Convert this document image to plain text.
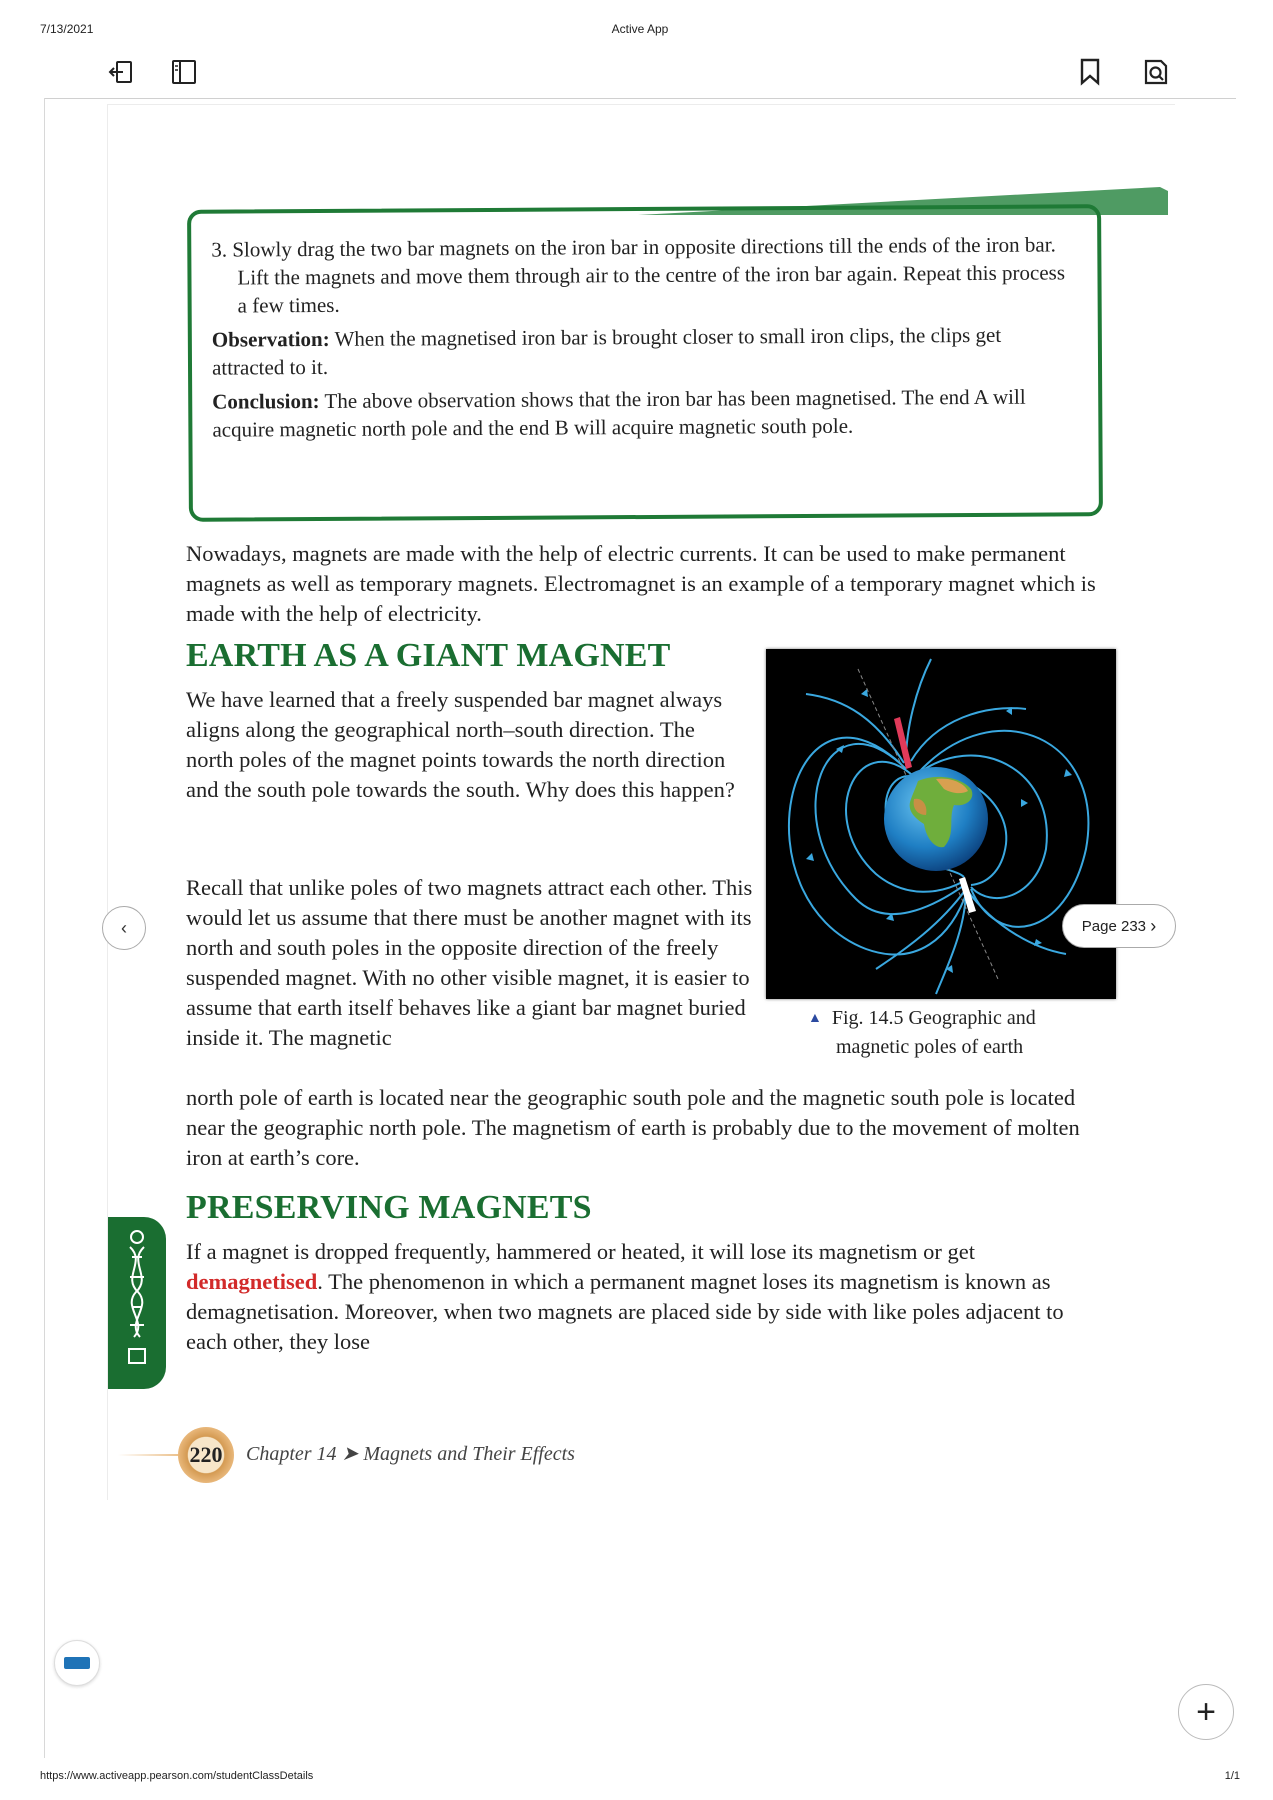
7/13/2021	Active App

3. Slowly drag the two bar magnets on the iron bar in opposite directions till the ends of the iron bar. Lift the magnets and move them through air to the centre of the iron bar again. Repeat this process a few times.

Observation: When the magnetised iron bar is brought closer to small iron clips, the clips get attracted to it.

Conclusion: The above observation shows that the iron bar has been magnetised. The end A will acquire magnetic north pole and the end B will acquire magnetic south pole.

Nowadays, magnets are made with the help of electric currents. It can be used to make permanent magnets as well as temporary magnets. Electromagnet is an example of a temporary magnet which is made with the help of electricity.

EARTH AS A GIANT MAGNET

We have learned that a freely suspended bar magnet always aligns along the geographical north–south direction. The north poles of the magnet points towards the north direction and the south pole towards the south. Why does this happen?

Recall that unlike poles of two magnets attract each other. This would let us assume that there must be another magnet with its north and south poles in the opposite direction of the freely suspended magnet. With no other visible magnet, it is easier to assume that earth itself behaves like a giant bar magnet buried inside it. The magnetic

north pole of earth is located near the geographic south pole and the magnetic south pole is located near the geographic north pole. The magnetism of earth is probably due to the movement of molten iron at earth’s core.

▲ Fig. 14.5 Geographic and
magnetic poles of earth
PRESERVING MAGNETS

If a magnet is dropped frequently, hammered or heated, it will lose its magnetism or get demagnetised. The phenomenon in which a permanent magnet loses its magnetism is known as demagnetisation. Moreover, when two magnets are placed side by side with like poles adjacent to each other, they lose

220	Chapter 14 ➤ Magnets and Their Effects
‹	Page 233
›
+
https://www.activeapp.pearson.com/studentClassDetails	1/1
